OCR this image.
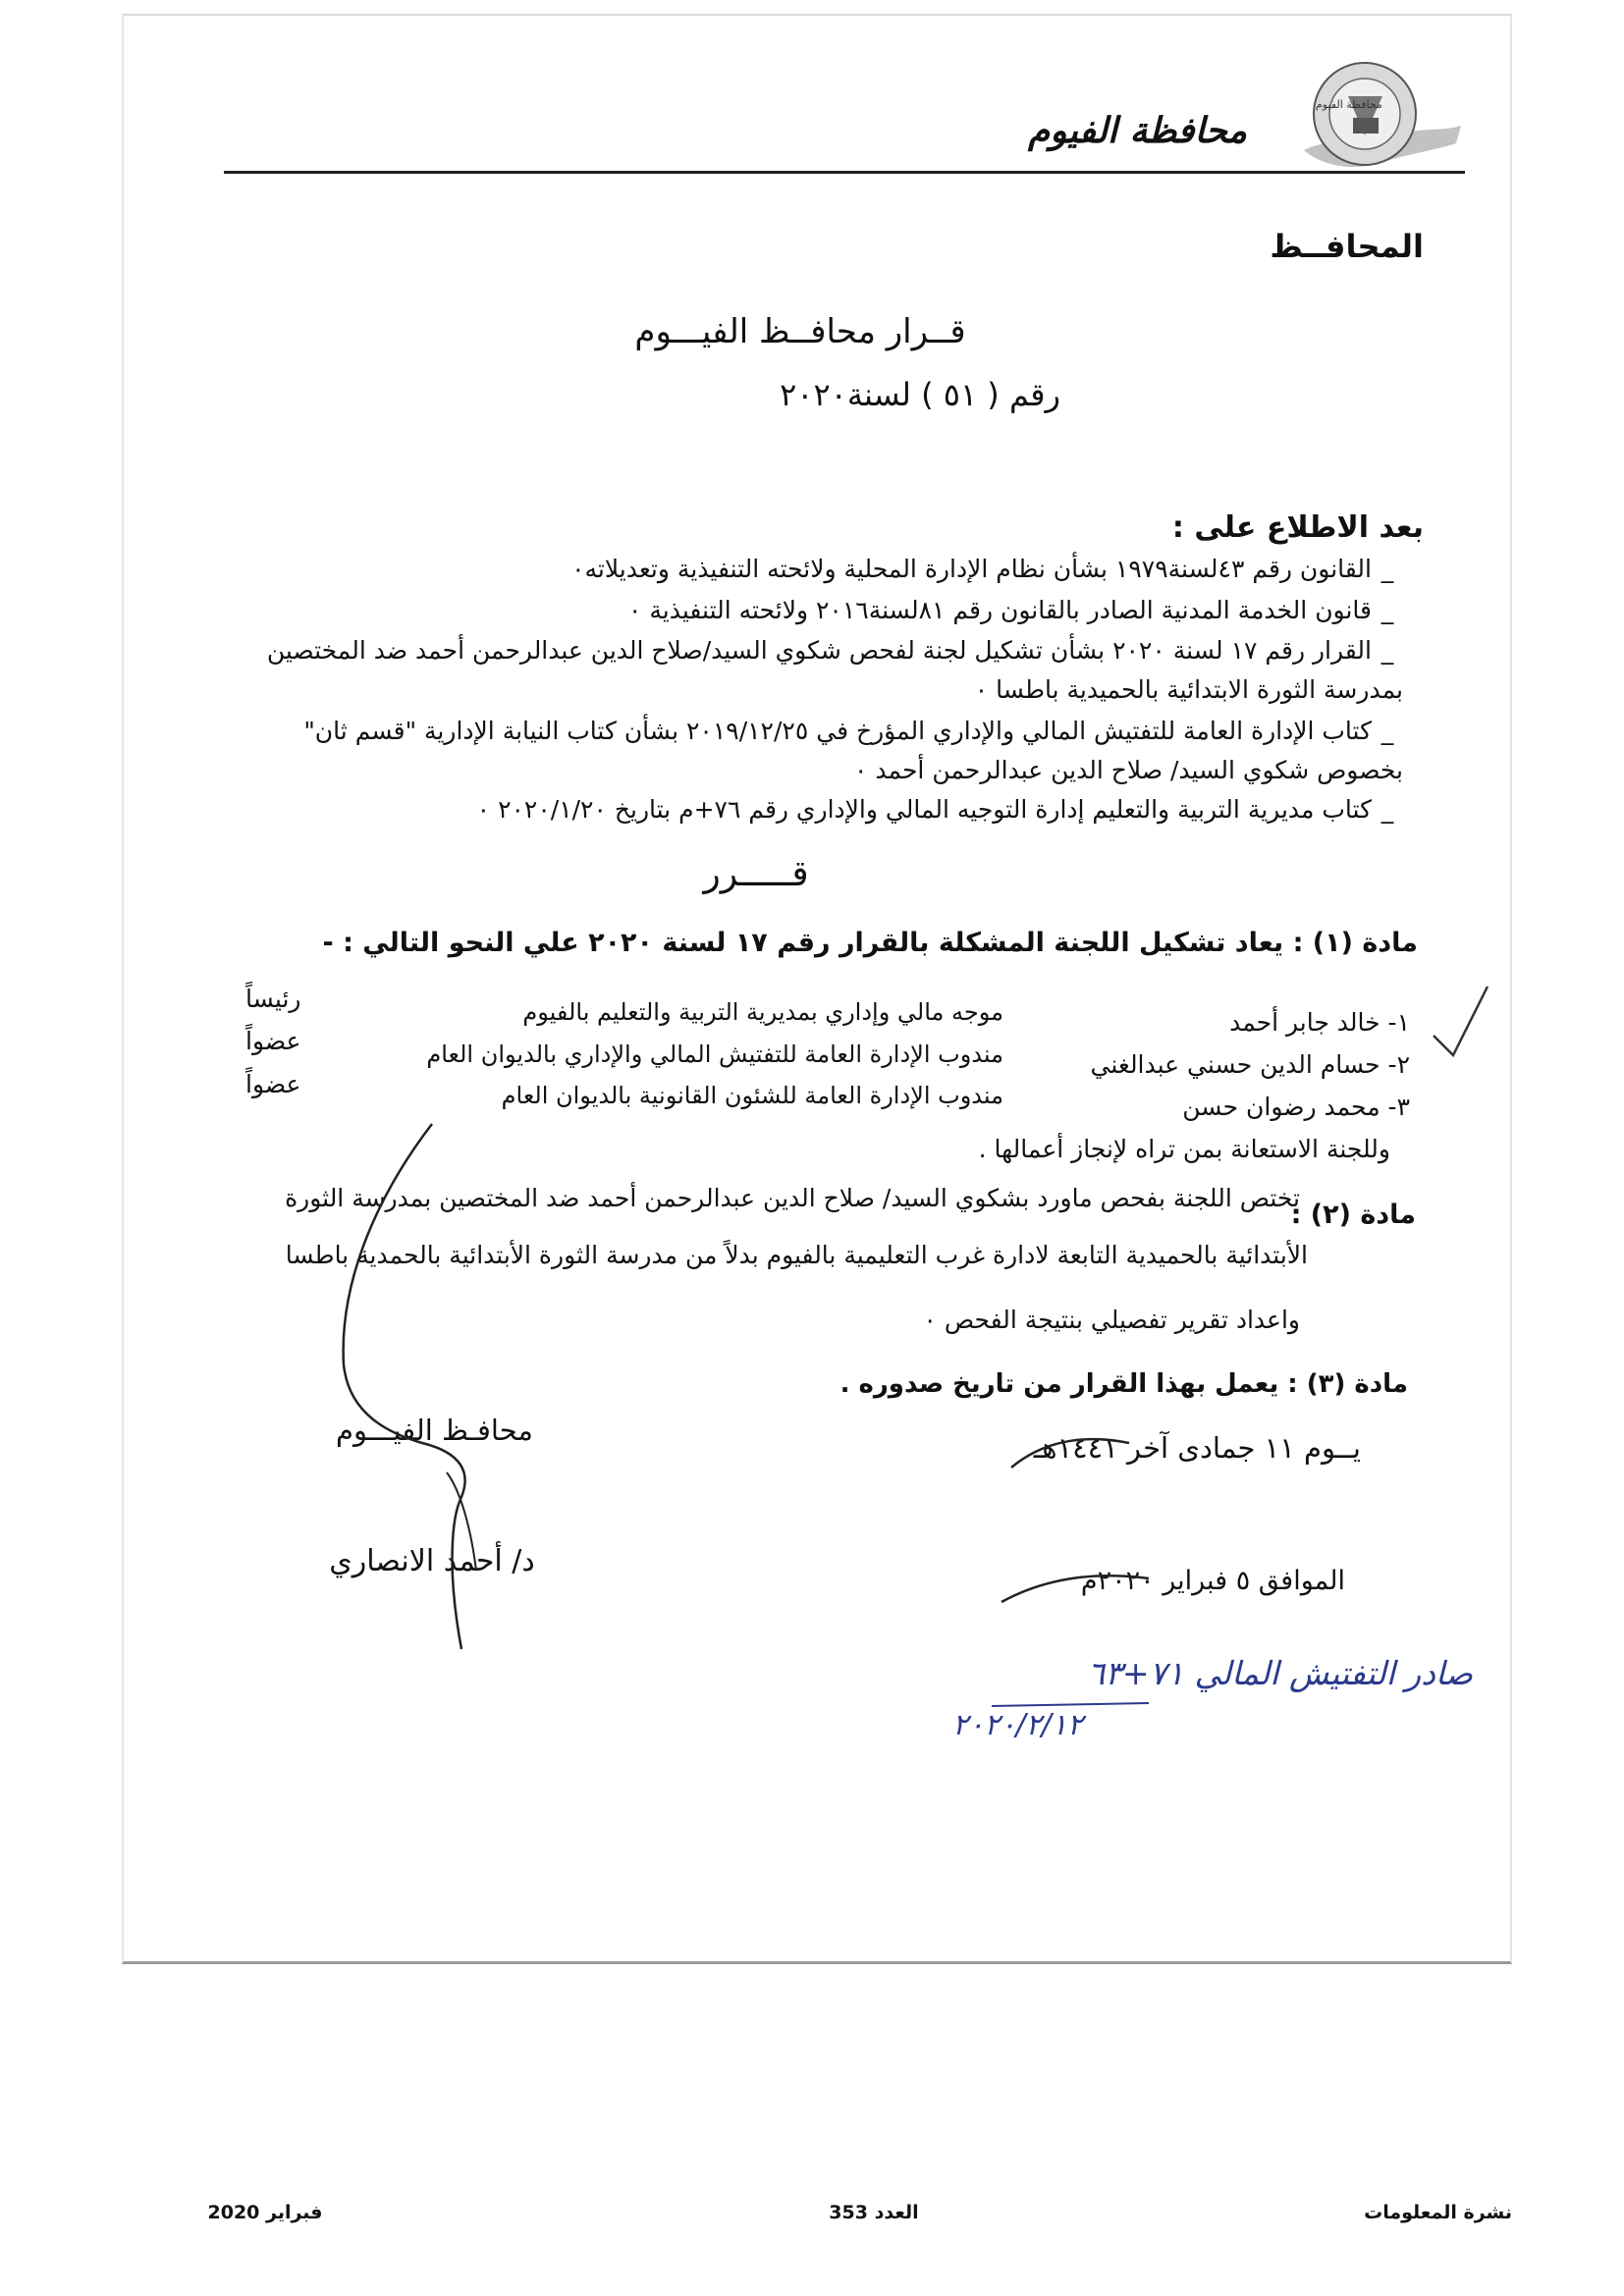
محافظة الفيوم
محافظة الفيوم
المحافــظ
قــرار محافــظ الفيـــوم
رقم ( ٥١ ) لسنة٢٠٢٠
بعد الاطلاع على :
_القانون رقم ٤٣لسنة١٩٧٩ بشأن نظام الإدارة المحلية ولائحته التنفيذية وتعديلاته٠
_قانون الخدمة المدنية الصادر بالقانون رقم ٨١لسنة٢٠١٦ ولائحته التنفيذية ٠
_القرار رقم ١٧ لسنة ٢٠٢٠ بشأن تشكيل لجنة لفحص شكوي السيد/صلاح الدين عبدالرحمن أحمد ضد المختصين
بمدرسة الثورة الابتدائية بالحميدية باطسا ٠
_كتاب الإدارة العامة للتفتيش المالي والإداري المؤرخ في ٢٠١٩/١٢/٢٥ بشأن كتاب النيابة الإدارية "قسم ثان"
بخصوص شكوي السيد/ صلاح الدين عبدالرحمن أحمد ٠
_كتاب مديرية التربية والتعليم إدارة التوجيه المالي والإداري رقم ٧٦+م بتاريخ ٢٠٢٠/١/٢٠ ٠
قـــــرر
مادة (١) : يعاد تشكيل اللجنة المشكلة بالقرار رقم ١٧ لسنة ٢٠٢٠ علي النحو التالي : -
١- خالد جابر أحمد
موجه مالي وإداري بمديرية التربية والتعليم بالفيوم
رئيساً
٢- حسام الدين حسني عبدالغني
مندوب الإدارة العامة للتفتيش المالي والإداري بالديوان العام
عضواً
٣- محمد رضوان حسن
مندوب الإدارة العامة للشئون القانونية بالديوان العام
عضواً
وللجنة الاستعانة بمن تراه لإنجاز أعمالها .
مادة (٢) :
تختص اللجنة بفحص ماورد بشكوي السيد/ صلاح الدين عبدالرحمن أحمد ضد المختصين بمدرسة الثورة
الأبتدائية بالحميدية التابعة لادارة غرب التعليمية بالفيوم بدلاً من مدرسة الثورة الأبتدائية بالحمدية باطسا
واعداد تقرير تفصيلي بنتيجة الفحص ٠
مادة (٣) : يعمل بهذا القرار من تاريخ صدوره .
يــوم ١١ جمادى آخر ١٤٤١هـ
الموافق ٥ فبراير ٢٠٢٠م
محافـظ الفيـــوم
د/ أحمد الانصاري
صادر التفتيش المالي ٧١+٦٣
٢٠٢٠/٢/١٢
نشرة المعلومات
العدد 353
فبراير 2020
